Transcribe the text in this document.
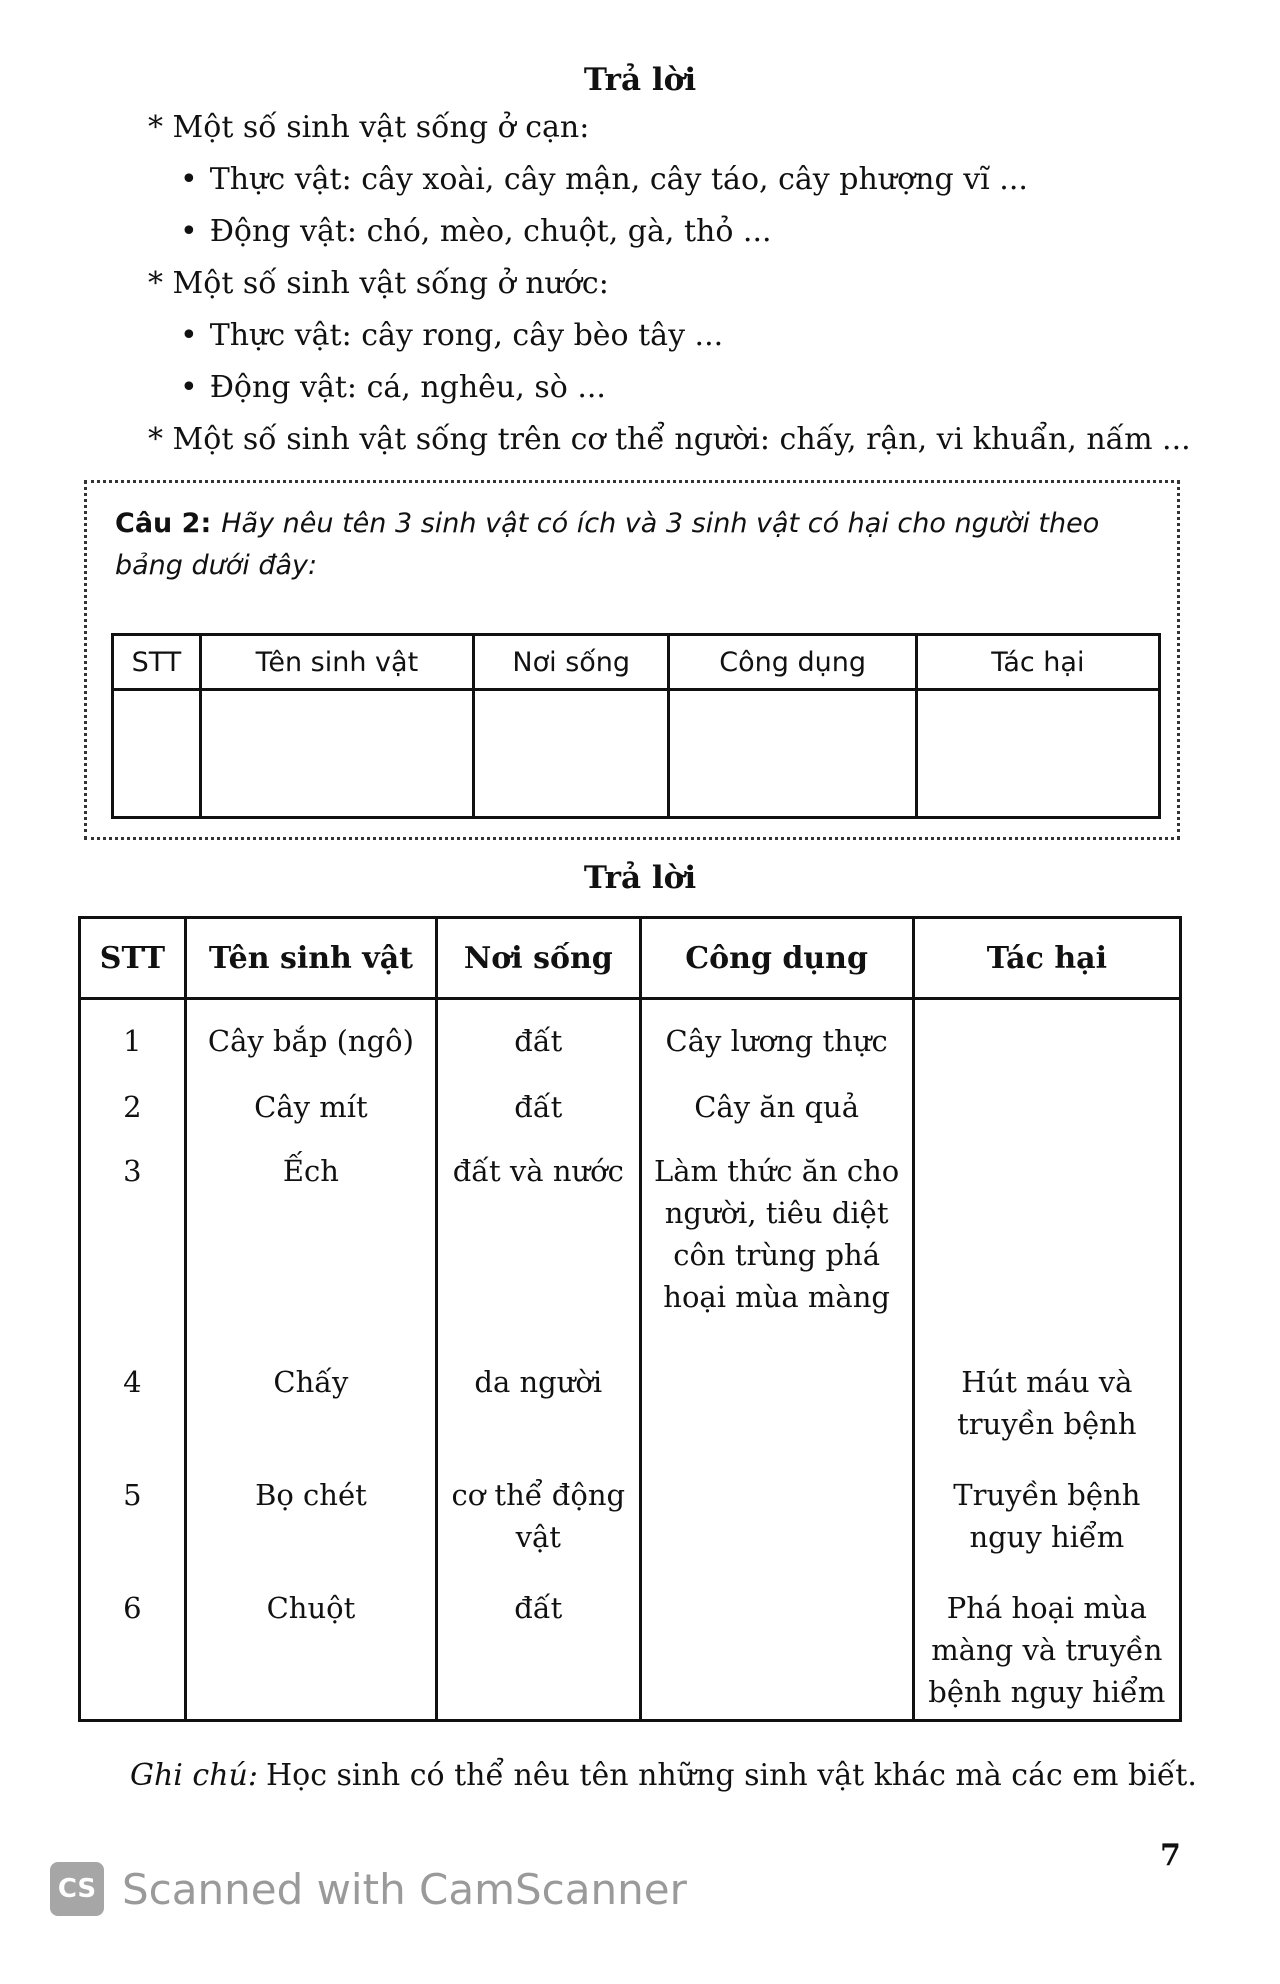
Trả lời
* Một số sinh vật sống ở cạn:
• Thực vật: cây xoài, cây mận, cây táo, cây phượng vĩ ...
• Động vật: chó, mèo, chuột, gà, thỏ ...
* Một số sinh vật sống ở nước:
• Thực vật: cây rong, cây bèo tây ...
• Động vật: cá, nghêu, sò ...
* Một số sinh vật sống trên cơ thể người: chấy, rận, vi khuẩn, nấm ...
Câu 2: Hãy nêu tên 3 sinh vật có ích và 3 sinh vật có hại cho người theo bảng dưới đây:
STT	Tên sinh vật	Nơi sống	Công dụng	Tác hại

Trả lời
STT	Tên sinh vật	Nơi sống	Công dụng	Tác hại
1	Cây bắp (ngô)	đất	Cây lương thực	
2	Cây mít	đất	Cây ăn quả	
3	Ếch	đất và nước	Làm thức ăn cho người, tiêu diệt côn trùng phá hoại mùa màng	
4	Chấy	da người		Hút máu và truyền bệnh
5	Bọ chét	cơ thể động vật		Truyền bệnh nguy hiểm
6	Chuột	đất		Phá hoại mùa màng và truyền bệnh nguy hiểm
Ghi chú: Học sinh có thể nêu tên những sinh vật khác mà các em biết.
7
CS Scanned with CamScanner
